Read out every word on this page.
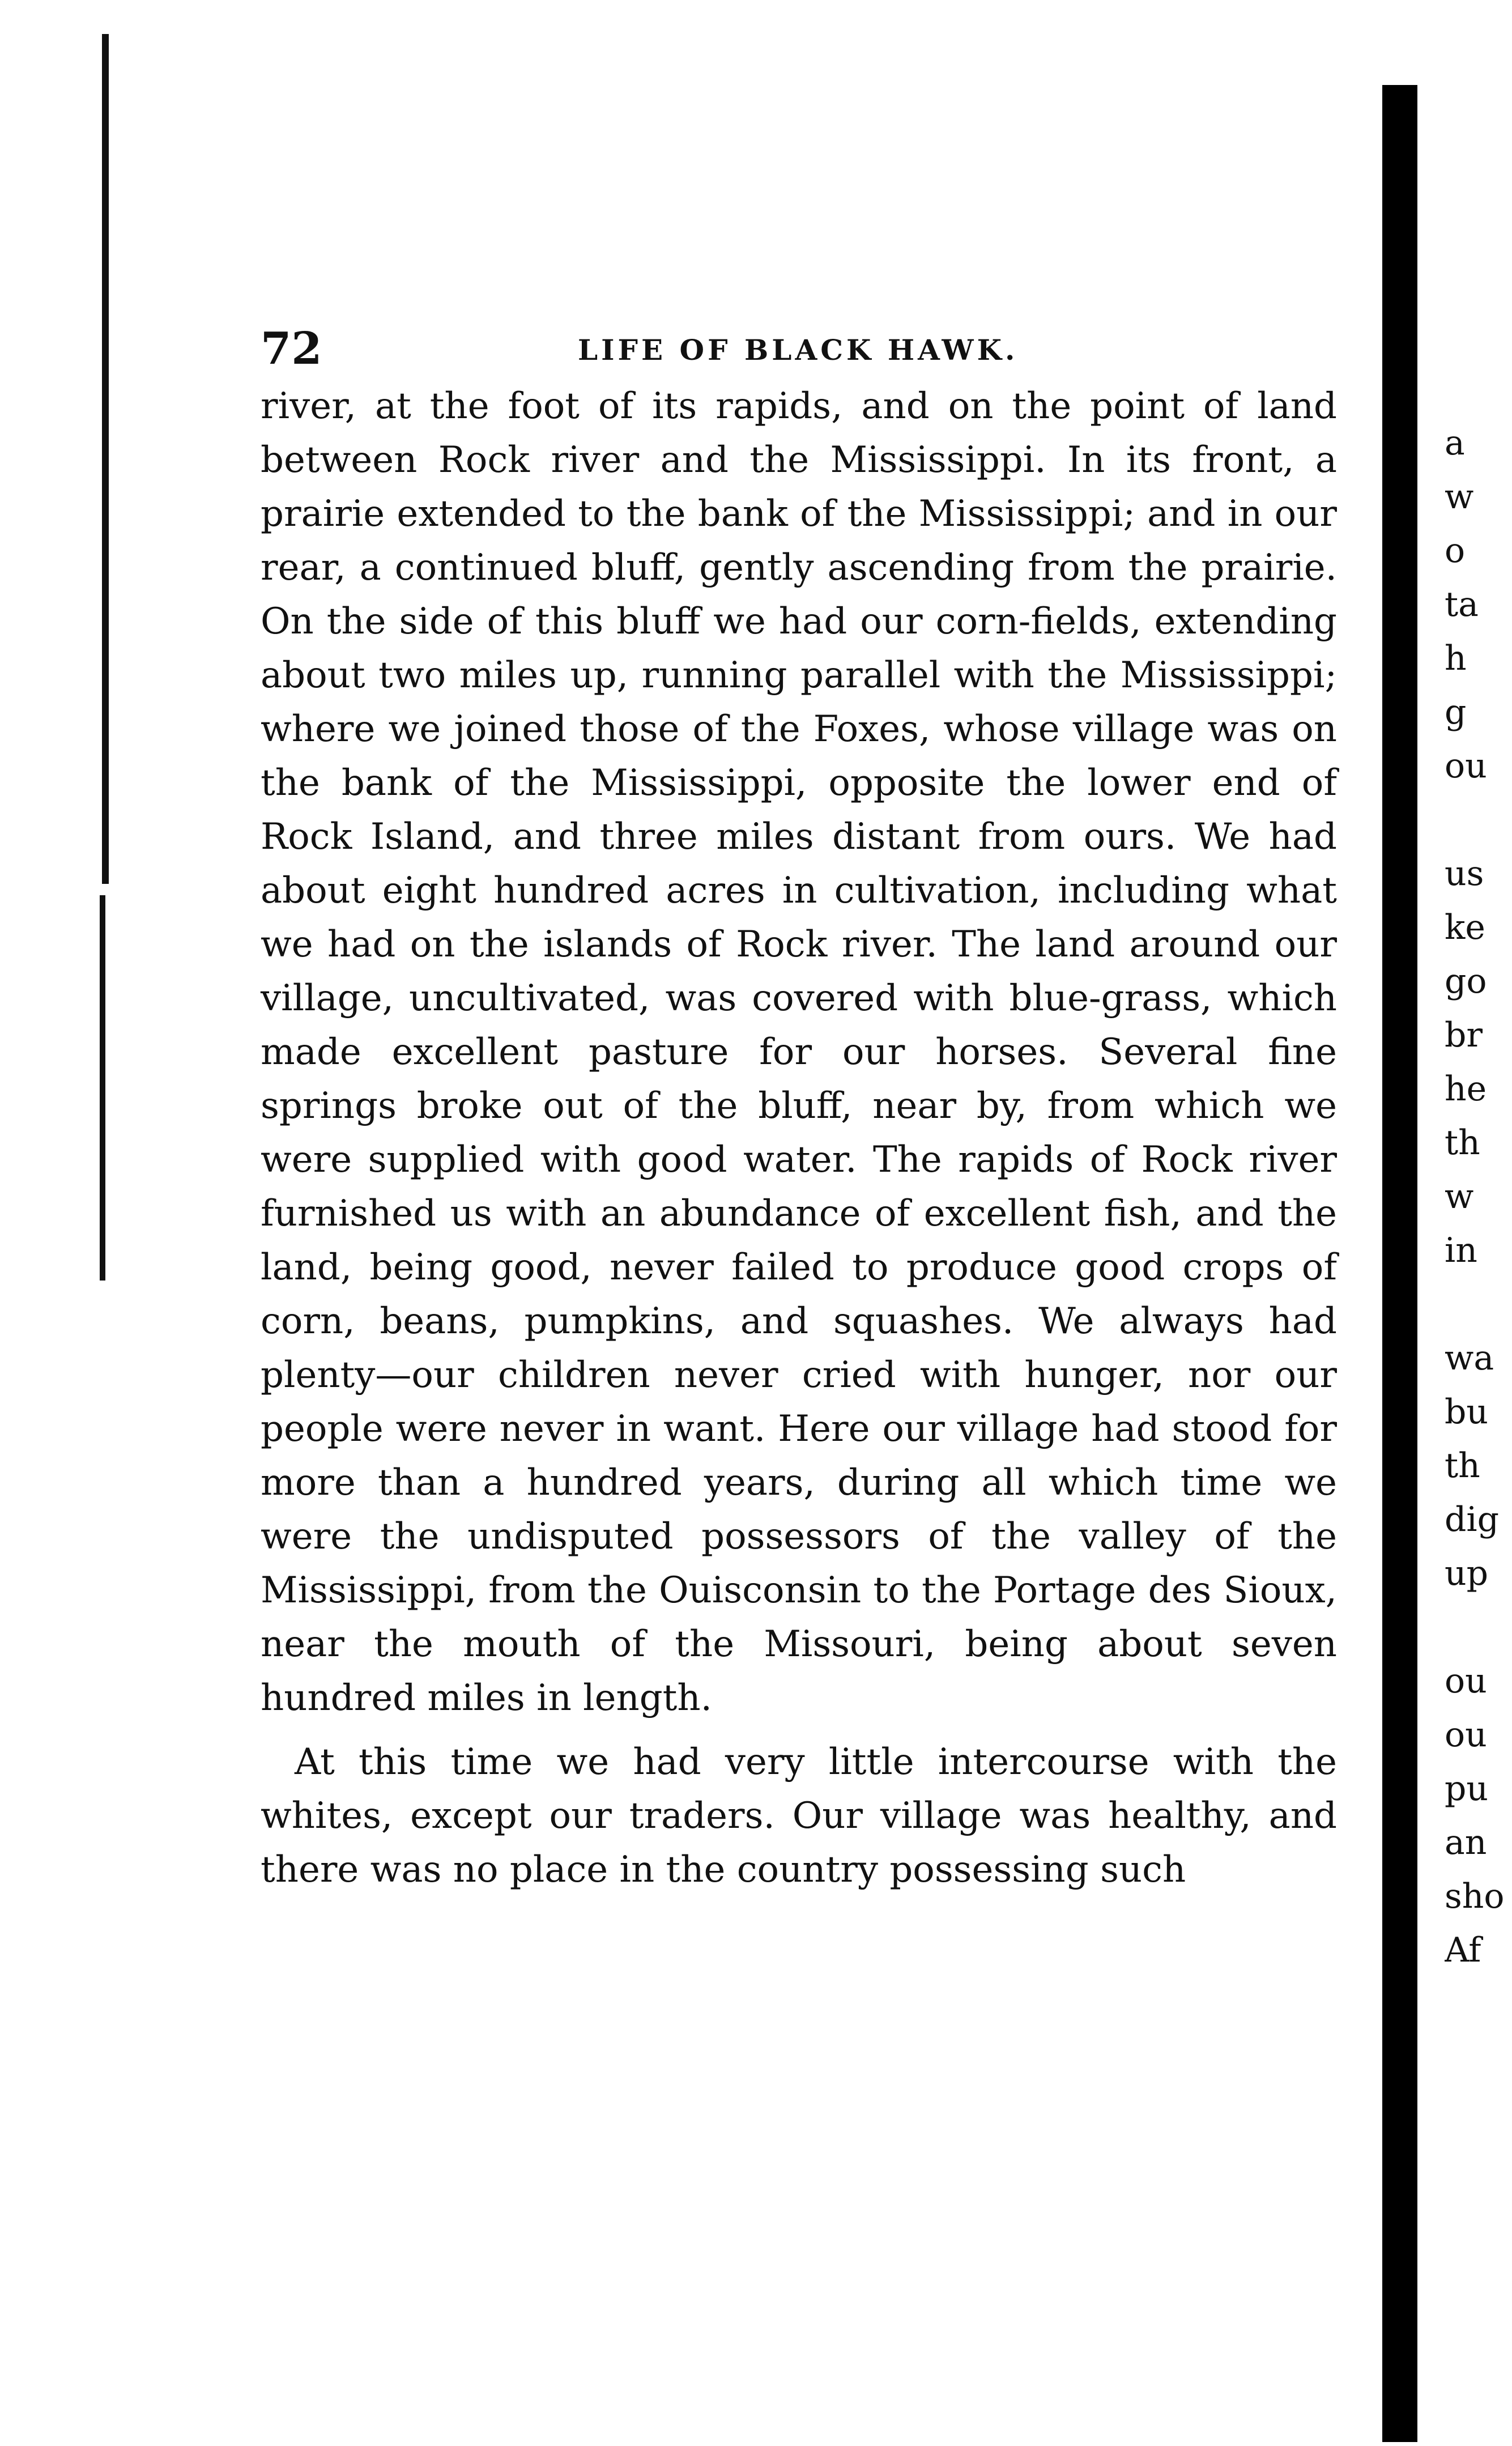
72	LIFE OF BLACK HAWK.

river, at the foot of its rapids, and on the point of land between Rock river and the Mississippi. In its front, a prairie extended to the bank of the Mississippi; and in our rear, a continued bluff, gently ascending from the prairie. On the side of this bluff we had our corn-fields, extending about two miles up, running parallel with the Mississippi; where we joined those of the Foxes, whose village was on the bank of the Mississippi, opposite the lower end of Rock Island, and three miles distant from ours. We had about eight hundred acres in cultivation, including what we had on the islands of Rock river. The land around our village, uncultivated, was covered with blue-grass, which made excellent pasture for our horses. Several fine springs broke out of the bluff, near by, from which we were supplied with good water. The rapids of Rock river furnished us with an abundance of excellent fish, and the land, being good, never failed to produce good crops of corn, beans, pumpkins, and squashes. We always had plenty—our children never cried with hunger, nor our people were never in want. Here our village had stood for more than a hundred years, during all which time we were the undisputed possessors of the valley of the Mississippi, from the Ouisconsin to the Portage des Sioux, near the mouth of the Missouri, being about seven hundred miles in length.

At this time we had very little intercourse with the whites, except our traders. Our village was healthy, and there was no place in the country possessing such

a
w
o
ta
h
g
ou
us
ke
go
br
he
th
w
in
wa
bu
th
dig
up
ou
ou
pu
an
sho
Af
